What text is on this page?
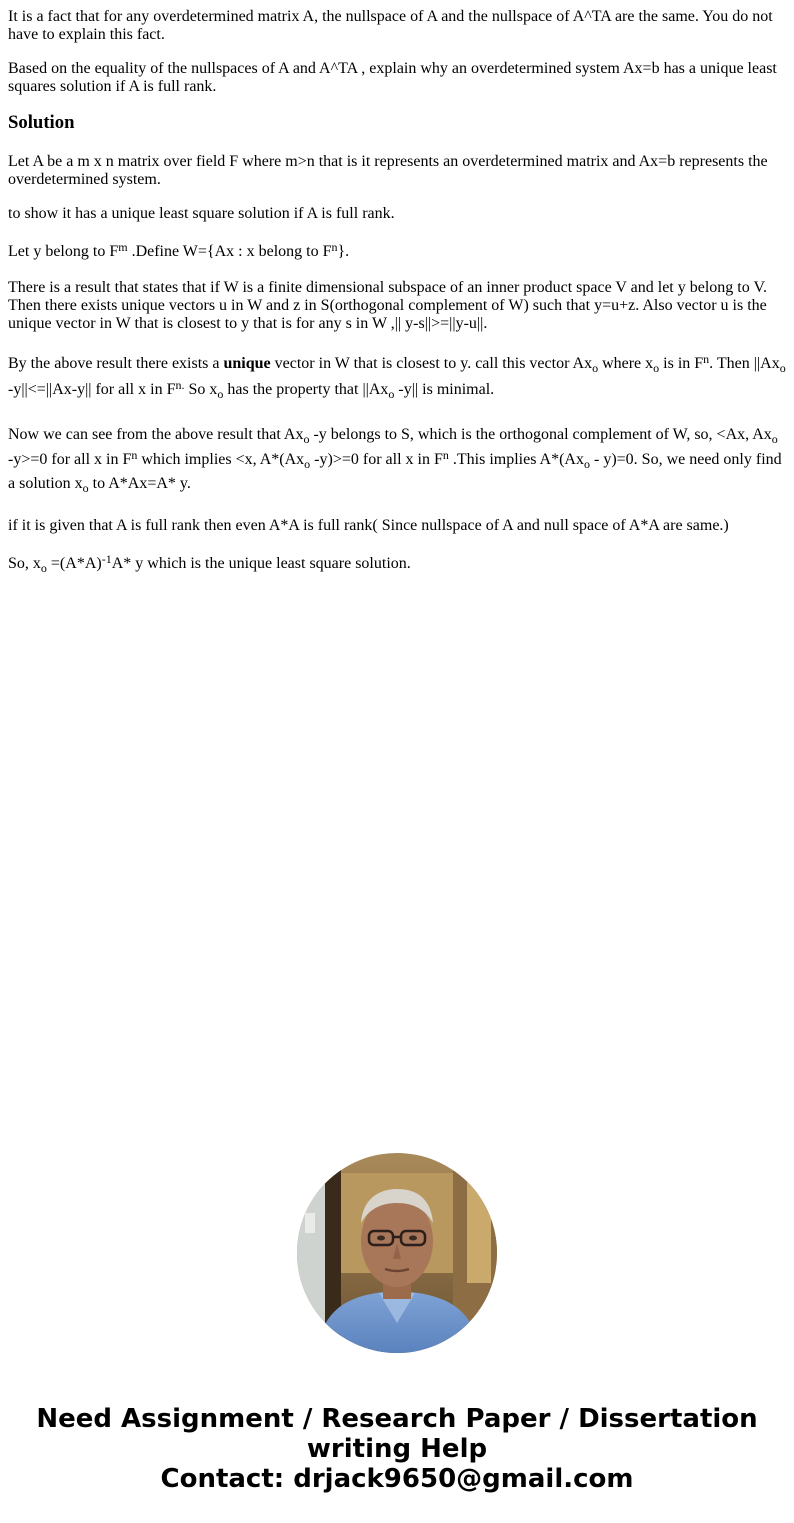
It is a fact that for any overdetermined matrix A, the nullspace of A and the nullspace of A^TA are the same. You do not have to explain this fact.

Based on the equality of the nullspaces of A and A^TA , explain why an overdetermined system Ax=b has a unique least squares solution if A is full rank.

Solution

Let A be a m x n matrix over field F where m>n that is it represents an overdetermined matrix and Ax=b represents the overdetermined system.

to show it has a unique least square solution if A is full rank.

Let y belong to $F^m$ .Define W={Ax : x belong to $F^n$}.

There is a result that states that if W is a finite dimensional subspace of an inner product space V and let y belong to V. Then there exists unique vectors u in W and z in S(orthogonal complement of W) such that y=u+z. Also vector u is the unique vector in W that is closest to y that is for any s in W ,|| y-s||>=||y-u||.

By the above result there exists a unique vector in W that is closest to y. call this vector $Ax_o$ where $x_o$ is in $F^n$. Then $||Ax_o$ -y||<=||Ax-y|| for all x in $F^{n.}$ So $x_o$ has the property that $||Ax_o$ -y|| is minimal.

Now we can see from the above result that $Ax_o$ -y belongs to S, which is the orthogonal complement of W, so, <Ax, $Ax_o$ -y>=0 for all x in $F^n$ which implies <x, $A*(Ax_o$ -y)>=0 for all x in $F^n$ .This implies $A*(Ax_o - y)=0$. So, we need only find a solution $x_o$ to A*Ax=A* y.

if it is given that A is full rank then even A*A is full rank( Since nullspace of A and null space of A*A are same.)

So, $x_o =(A*A)^{-1}A*$ y which is the unique least square solution.

Need Assignment / Research Paper / Dissertation writing Help
Contact: drjack9650@gmail.com
